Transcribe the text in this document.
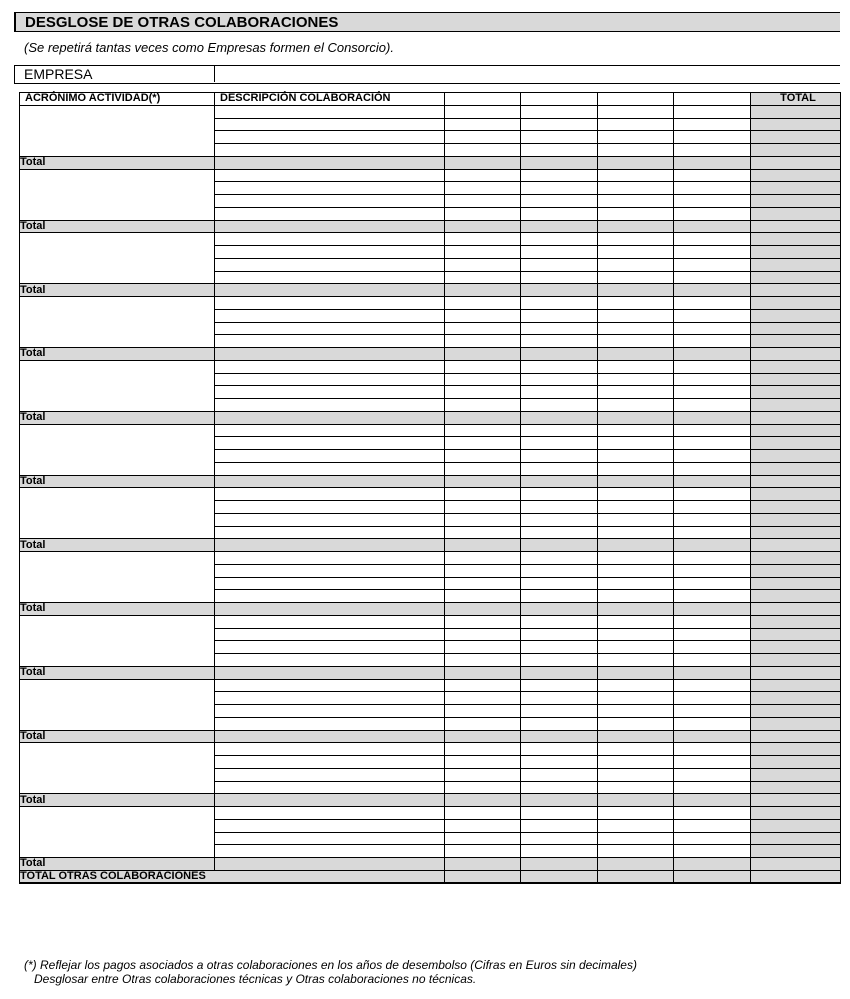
DESGLOSE DE OTRAS COLABORACIONES
(Se repetirá tantas veces como Empresas formen el Consorcio).
EMPRESA
ACRÓNIMO ACTIVIDAD(*)	DESCRIPCIÓN COLABORACIÓN					TOTAL

Total						

Total						

Total						

Total						

Total						

Total						

Total						

Total						

Total						

Total						

Total						

Total						
TOTAL OTRAS COLABORACIONES						
(*) Reflejar los pagos asociados a otras colaboraciones en los años de desembolso (Cifras en Euros sin decimales)
Desglosar entre Otras colaboraciones técnicas y Otras colaboraciones no técnicas.
